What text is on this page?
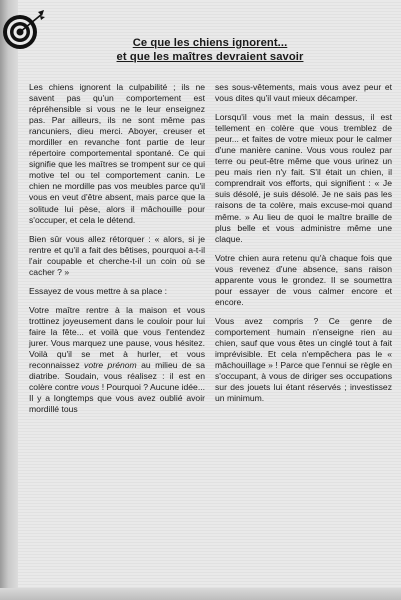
Ce que les chiens ignorent...
et que les maîtres devraient savoir

Les chiens ignorent la culpabilité ; ils ne savent pas qu'un comportement est répréhensible si vous ne le leur enseignez pas. Par ailleurs, ils ne sont même pas rancuniers, dieu merci. Aboyer, creuser et mordiller en revanche font partie de leur répertoire comportemental spontané. Ce qui signifie que les maîtres se trompent sur ce qui motive tel ou tel comportement canin. Le chien ne mordille pas vos meubles parce qu'il vous en veut d'être absent, mais parce que la solitude lui pèse, alors il mâchouille pour s'occuper, et cela le détend.

Bien sûr vous allez rétorquer : « alors, si je rentre et qu'il a fait des bêtises, pourquoi a-t-il l'air coupable et cherche-t-il un coin où se cacher ? »

Essayez de vous mettre à sa place :

Votre maître rentre à la maison et vous trottinez joyeusement dans le couloir pour lui faire la fête... et voilà que vous l'entendez jurer. Vous marquez une pause, vous hésitez. Voilà qu'il se met à hurler, et vous reconnaissez votre prénom au milieu de sa diatribe. Soudain, vous réalisez : il est en colère contre vous ! Pourquoi ? Aucune idée... Il y a longtemps que vous avez oublié avoir mordillé tous

ses sous-vêtements, mais vous avez peur et vous dites qu'il vaut mieux décamper.

Lorsqu'il vous met la main dessus, il est tellement en colère que vous tremblez de peur... et faites de votre mieux pour le calmer d'une manière canine. Vous vous roulez par terre ou peut-être même que vous urinez un peu mais rien n'y fait. S'il était un chien, il comprendrait vos efforts, qui signifient : « Je suis désolé, je suis désolé. Je ne sais pas les raisons de ta colère, mais excuse-moi quand même. » Au lieu de quoi le maître braille de plus belle et vous administre même une claque.

Votre chien aura retenu qu'à chaque fois que vous revenez d'une absence, sans raison apparente vous le grondez. Il se soumettra pour essayer de vous calmer encore et encore.

Vous avez compris ? Ce genre de comportement humain n'enseigne rien au chien, sauf que vous êtes un cinglé tout à fait imprévisible. Et cela n'empêchera pas le « mâchouillage » ! Parce que l'ennui se règle en s'occupant, à vous de diriger ses occupations sur des jouets lui étant réservés ; investissez un minimum.
